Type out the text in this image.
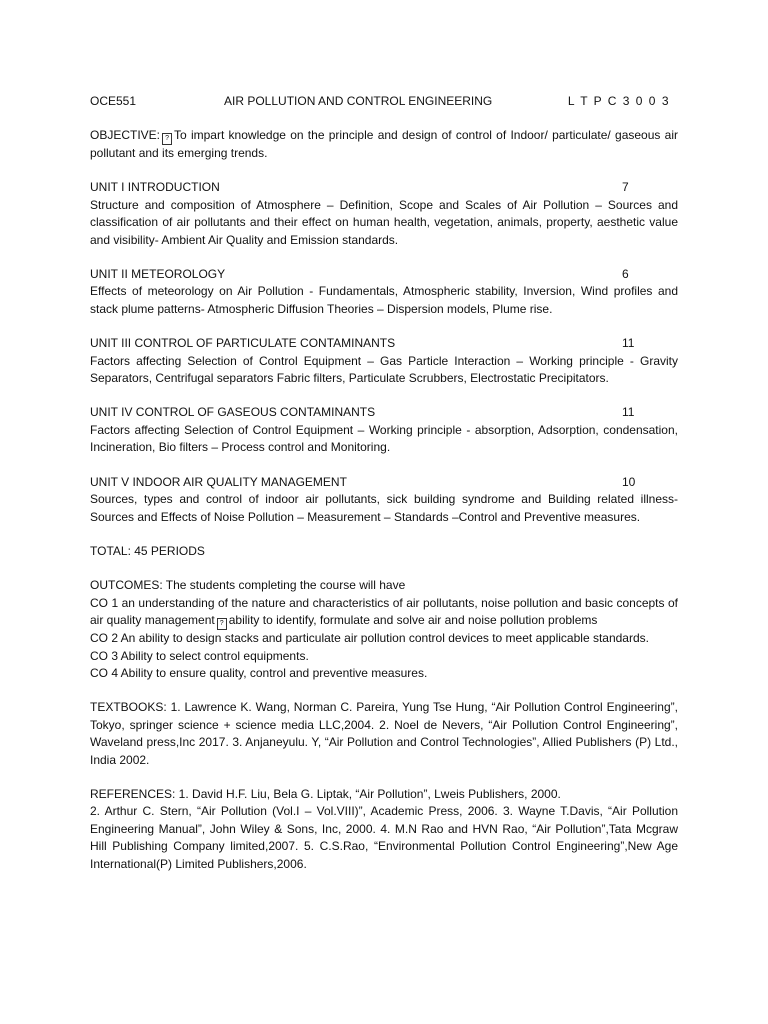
OCE551	AIR POLLUTION AND CONTROL ENGINEERING	L T P C 3 0 0 3
OBJECTIVE: ? To impart knowledge on the principle and design of control of Indoor/ particulate/ gaseous air pollutant and its emerging trends.
UNIT I INTRODUCTION	7
Structure and composition of Atmosphere – Definition, Scope and Scales of Air Pollution – Sources and classification of air pollutants and their effect on human health, vegetation, animals, property, aesthetic value and visibility- Ambient Air Quality and Emission standards.
UNIT II METEOROLOGY	6
Effects of meteorology on Air Pollution - Fundamentals, Atmospheric stability, Inversion, Wind profiles and stack plume patterns- Atmospheric Diffusion Theories – Dispersion models, Plume rise.
UNIT III CONTROL OF PARTICULATE CONTAMINANTS	11
Factors affecting Selection of Control Equipment – Gas Particle Interaction – Working principle - Gravity Separators, Centrifugal separators Fabric filters, Particulate Scrubbers, Electrostatic Precipitators.
UNIT IV CONTROL OF GASEOUS CONTAMINANTS	11
Factors affecting Selection of Control Equipment – Working principle - absorption, Adsorption, condensation, Incineration, Bio filters – Process control and Monitoring.
UNIT V INDOOR AIR QUALITY MANAGEMENT	10
Sources, types and control of indoor air pollutants, sick building syndrome and Building related illness- Sources and Effects of Noise Pollution – Measurement – Standards –Control and Preventive measures.
TOTAL: 45 PERIODS
OUTCOMES: The students completing the course will have
CO 1 an understanding of the nature and characteristics of air pollutants, noise pollution and basic concepts of air quality management ? ability to identify, formulate and solve air and noise pollution problems
CO 2 An ability to design stacks and particulate air pollution control devices to meet applicable standards.
CO 3 Ability to select control equipments.
CO 4 Ability to ensure quality, control and preventive measures.
TEXTBOOKS: 1. Lawrence K. Wang, Norman C. Pareira, Yung Tse Hung, “Air Pollution Control Engineering”, Tokyo, springer science + science media LLC,2004. 2. Noel de Nevers, “Air Pollution Control Engineering”, Waveland press,Inc 2017. 3. Anjaneyulu. Y, “Air Pollution and Control Technologies”, Allied Publishers (P) Ltd., India 2002.
REFERENCES: 1. David H.F. Liu, Bela G. Liptak, “Air Pollution”, Lweis Publishers, 2000.
2. Arthur C. Stern, “Air Pollution (Vol.I – Vol.VIII)”, Academic Press, 2006. 3. Wayne T.Davis, “Air Pollution Engineering Manual”, John Wiley & Sons, Inc, 2000. 4. M.N Rao and HVN Rao, “Air Pollution”,Tata Mcgraw Hill Publishing Company limited,2007. 5. C.S.Rao, “Environmental Pollution Control Engineering”,New Age International(P) Limited Publishers,2006.
